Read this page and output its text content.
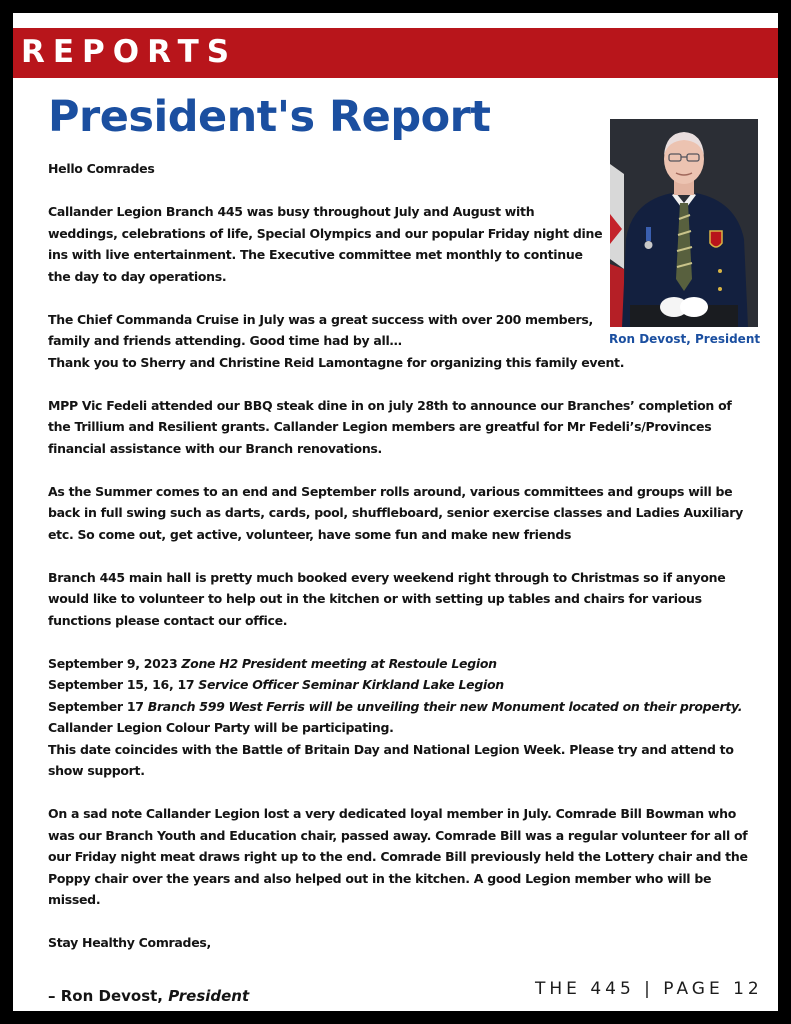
REPORTS
President's Report
Ron Devost, President

Hello Comrades

Callander Legion Branch 445 was busy throughout July and August with weddings, celebrations of life, Special Olympics and our popular Friday night dine ins with live entertainment. The Executive committee met monthly to continue the day to day operations.

The Chief Commanda Cruise in July was a great success with over 200 members, family and friends attending. Good time had by all…
Thank you to Sherry and Christine Reid Lamontagne for organizing this family event.

MPP Vic Fedeli attended our BBQ steak dine in on july 28th to announce our Branches’ completion of the Trillium and Resilient grants. Callander Legion members are greatful for Mr Fedeli’s/Provinces financial assistance with our Branch renovations.

As the Summer comes to an end and September rolls around, various committees and groups will be back in full swing such as darts, cards, pool, shuffleboard, senior exercise classes and Ladies Auxiliary etc. So come out, get active, volunteer, have some fun and make new friends

Branch 445 main hall is pretty much booked every weekend right through to Christmas so if anyone would like to volunteer to help out in the kitchen or with setting up tables and chairs for various functions please contact our office.

September 9, 2023 Zone H2 President meeting at Restoule Legion

September 15, 16, 17 Service Officer Seminar Kirkland Lake Legion

September 17 Branch 599 West Ferris will be unveiling their new Monument located on their property.

Callander Legion Colour Party will be participating.

This date coincides with the Battle of Britain Day and National Legion Week. Please try and attend to show support.

On a sad note Callander Legion lost a very dedicated loyal member in July. Comrade Bill Bowman who was our Branch Youth and Education chair, passed away. Comrade Bill was a regular volunteer for all of our Friday night meat draws right up to the end. Comrade Bill previously held the Lottery chair and the Poppy chair over the years and also helped out in the kitchen. A good Legion member who will be missed.

Stay Healthy Comrades,

– Ron Devost, President	THE 445 | PAGE 12
